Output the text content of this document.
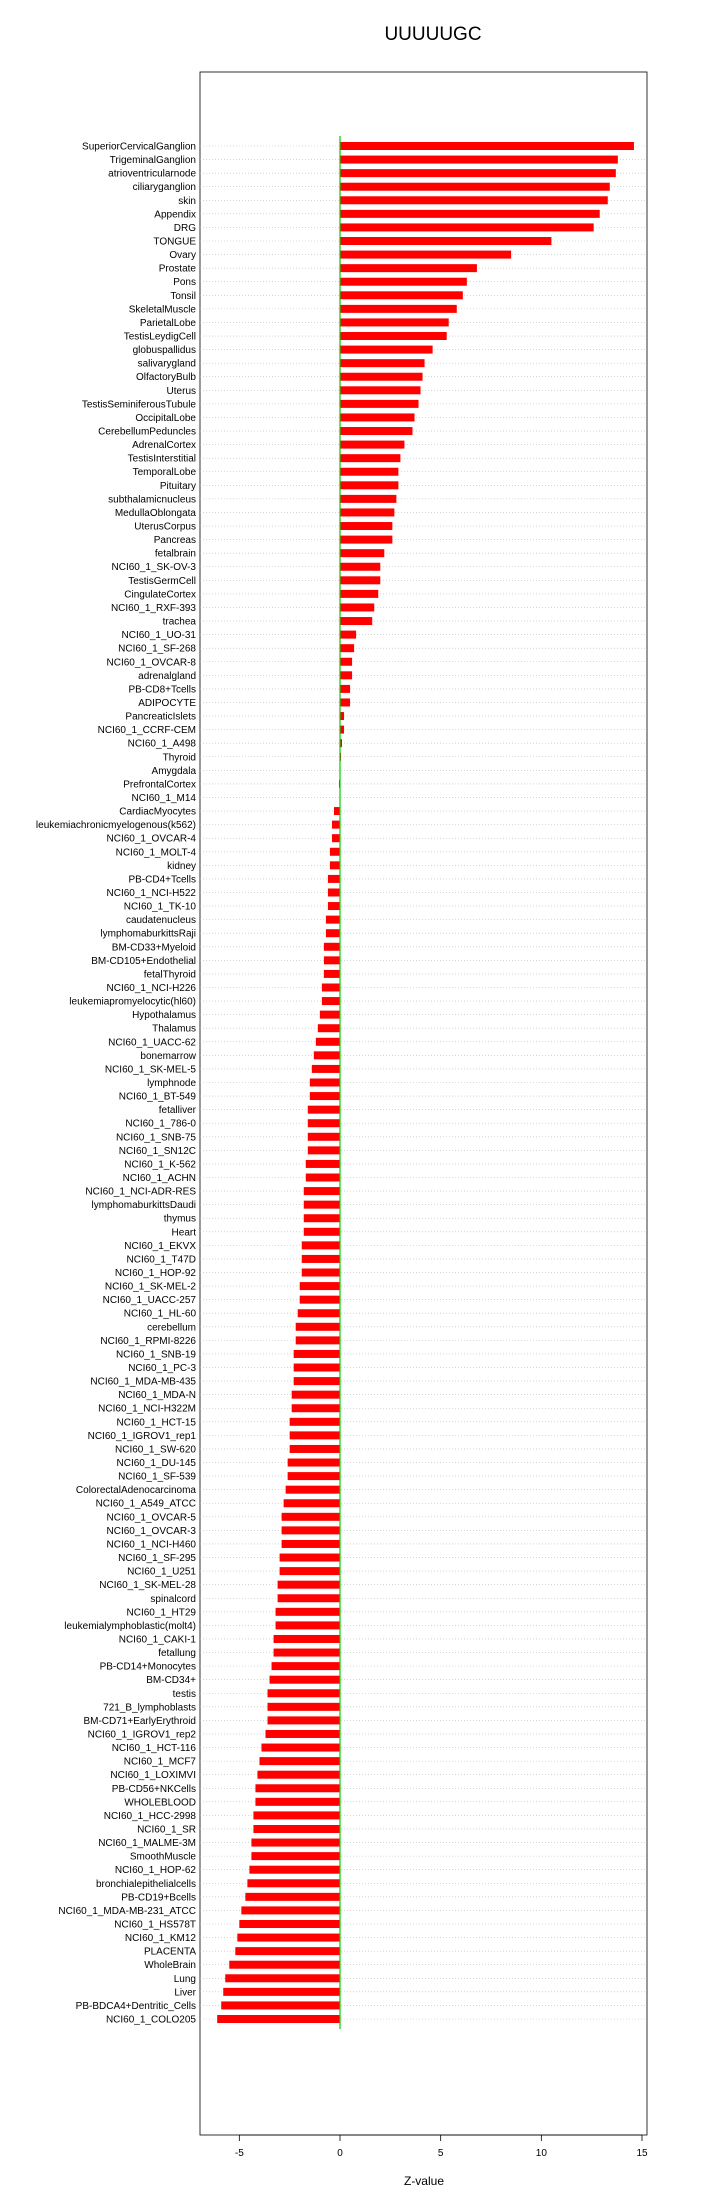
UUUUUGC
SuperiorCervicalGanglion
TrigeminalGanglion
atrioventricularnode
ciliaryganglion
skin
Appendix
DRG
TONGUE
Ovary
Prostate
Pons
Tonsil
SkeletalMuscle
ParietalLobe
TestisLeydigCell
globuspallidus
salivarygland
OlfactoryBulb
Uterus
TestisSeminiferousTubule
OccipitalLobe
CerebellumPeduncles
AdrenalCortex
TestisInterstitial
TemporalLobe
Pituitary
subthalamicnucleus
MedullaOblongata
UterusCorpus
Pancreas
fetalbrain
NCI60_1_SK-OV-3
TestisGermCell
CingulateCortex
NCI60_1_RXF-393
trachea
NCI60_1_UO-31
NCI60_1_SF-268
NCI60_1_OVCAR-8
adrenalgland
PB-CD8+Tcells
ADIPOCYTE
PancreaticIslets
NCI60_1_CCRF-CEM
NCI60_1_A498
Thyroid
Amygdala
PrefrontalCortex
NCI60_1_M14
CardiacMyocytes
leukemiachronicmyelogenous(k562)
NCI60_1_OVCAR-4
NCI60_1_MOLT-4
kidney
PB-CD4+Tcells
NCI60_1_NCI-H522
NCI60_1_TK-10
caudatenucleus
lymphomaburkittsRaji
BM-CD33+Myeloid
BM-CD105+Endothelial
fetalThyroid
NCI60_1_NCI-H226
leukemiapromyelocytic(hl60)
Hypothalamus
Thalamus
NCI60_1_UACC-62
bonemarrow
NCI60_1_SK-MEL-5
lymphnode
NCI60_1_BT-549
fetalliver
NCI60_1_786-0
NCI60_1_SNB-75
NCI60_1_SN12C
NCI60_1_K-562
NCI60_1_ACHN
NCI60_1_NCI-ADR-RES
lymphomaburkittsDaudi
thymus
Heart
NCI60_1_EKVX
NCI60_1_T47D
NCI60_1_HOP-92
NCI60_1_SK-MEL-2
NCI60_1_UACC-257
NCI60_1_HL-60
cerebellum
NCI60_1_RPMI-8226
NCI60_1_SNB-19
NCI60_1_PC-3
NCI60_1_MDA-MB-435
NCI60_1_MDA-N
NCI60_1_NCI-H322M
NCI60_1_HCT-15
NCI60_1_IGROV1_rep1
NCI60_1_SW-620
NCI60_1_DU-145
NCI60_1_SF-539
ColorectalAdenocarcinoma
NCI60_1_A549_ATCC
NCI60_1_OVCAR-5
NCI60_1_OVCAR-3
NCI60_1_NCI-H460
NCI60_1_SF-295
NCI60_1_U251
NCI60_1_SK-MEL-28
spinalcord
NCI60_1_HT29
leukemialymphoblastic(molt4)
NCI60_1_CAKI-1
fetallung
PB-CD14+Monocytes
BM-CD34+
testis
721_B_lymphoblasts
BM-CD71+EarlyErythroid
NCI60_1_IGROV1_rep2
NCI60_1_HCT-116
NCI60_1_MCF7
NCI60_1_LOXIMVI
PB-CD56+NKCells
WHOLEBLOOD
NCI60_1_HCC-2998
NCI60_1_SR
NCI60_1_MALME-3M
SmoothMuscle
NCI60_1_HOP-62
bronchialepithelialcells
PB-CD19+Bcells
NCI60_1_MDA-MB-231_ATCC
NCI60_1_HS578T
NCI60_1_KM12
PLACENTA
WholeBrain
Lung
Liver
PB-BDCA4+Dentritic_Cells
NCI60_1_COLO205
-5	0	5	10	15
Z-value
